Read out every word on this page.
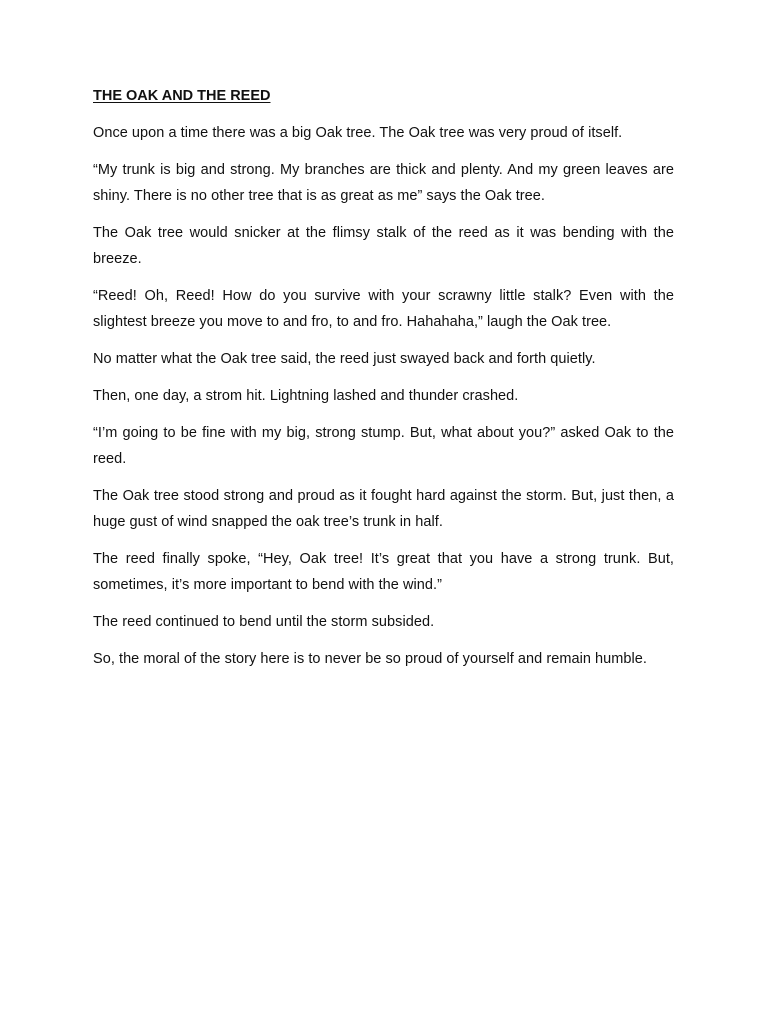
THE OAK AND THE REED

Once upon a time there was a big Oak tree. The Oak tree was very proud of itself.

“My trunk is big and strong. My branches are thick and plenty. And my green leaves are shiny. There is no other tree that is as great as me” says the Oak tree.

The Oak tree would snicker at the flimsy stalk of the reed as it was bending with the breeze.

“Reed! Oh, Reed! How do you survive with your scrawny little stalk? Even with the slightest breeze you move to and fro, to and fro. Hahahaha,” laugh the Oak tree.

No matter what the Oak tree said, the reed just swayed back and forth quietly.

Then, one day, a strom hit. Lightning lashed and thunder crashed.

“I’m going to be fine with my big, strong stump. But, what about you?” asked Oak to the reed.

The Oak tree stood strong and proud as it fought hard against the storm. But, just then, a huge gust of wind snapped the oak tree’s trunk in half.

The reed finally spoke, “Hey, Oak tree! It’s great that you have a strong trunk. But, sometimes, it’s more important to bend with the wind.”

The reed continued to bend until the storm subsided.

So, the moral of the story here is to never be so proud of yourself and remain humble.
